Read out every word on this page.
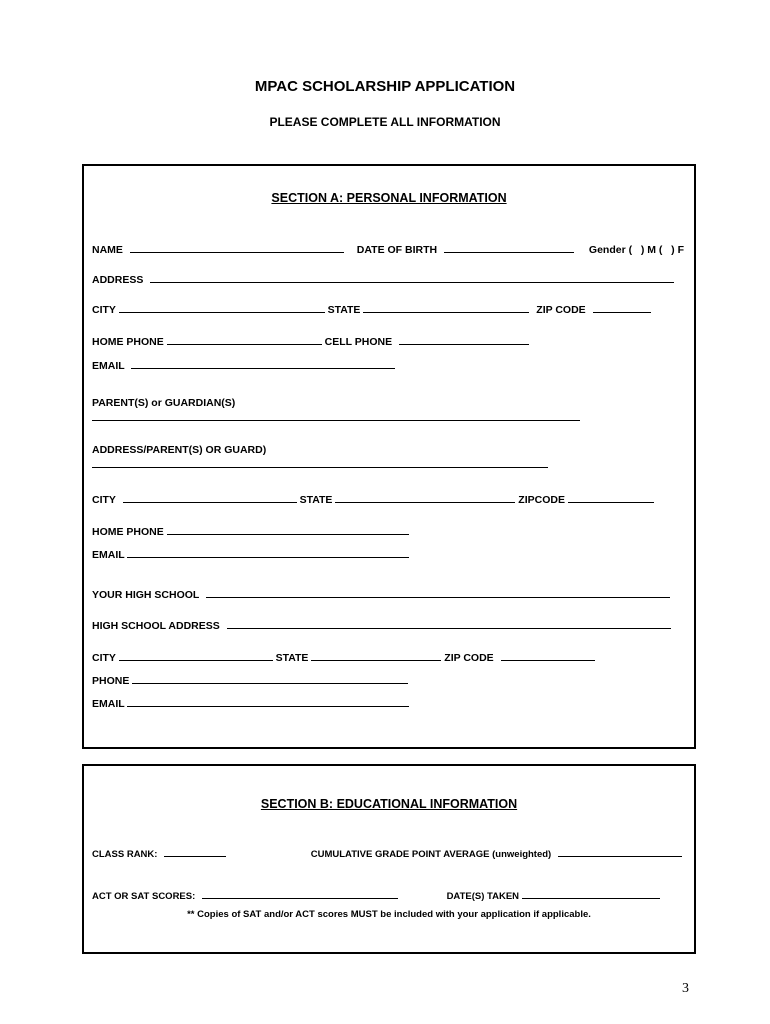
MPAC SCHOLARSHIP APPLICATION
PLEASE COMPLETE ALL INFORMATION
SECTION A: PERSONAL INFORMATION
NAME	DATE OF BIRTH	Gender (   ) M (   ) F
ADDRESS
CITY	STATE	ZIP CODE
HOME PHONE	CELL PHONE
EMAIL
PARENT(S) or GUARDIAN(S)
ADDRESS/PARENT(S) OR GUARD)
CITY	STATE	ZIPCODE
HOME PHONE
EMAIL
YOUR HIGH SCHOOL
HIGH SCHOOL ADDRESS
CITY	STATE	ZIP CODE
PHONE
EMAIL
SECTION B: EDUCATIONAL INFORMATION
CLASS RANK:	CUMULATIVE GRADE POINT AVERAGE (unweighted)
ACT OR SAT SCORES:	DATE(S) TAKEN
** Copies of SAT and/or ACT scores MUST be included with your application if applicable.
3
